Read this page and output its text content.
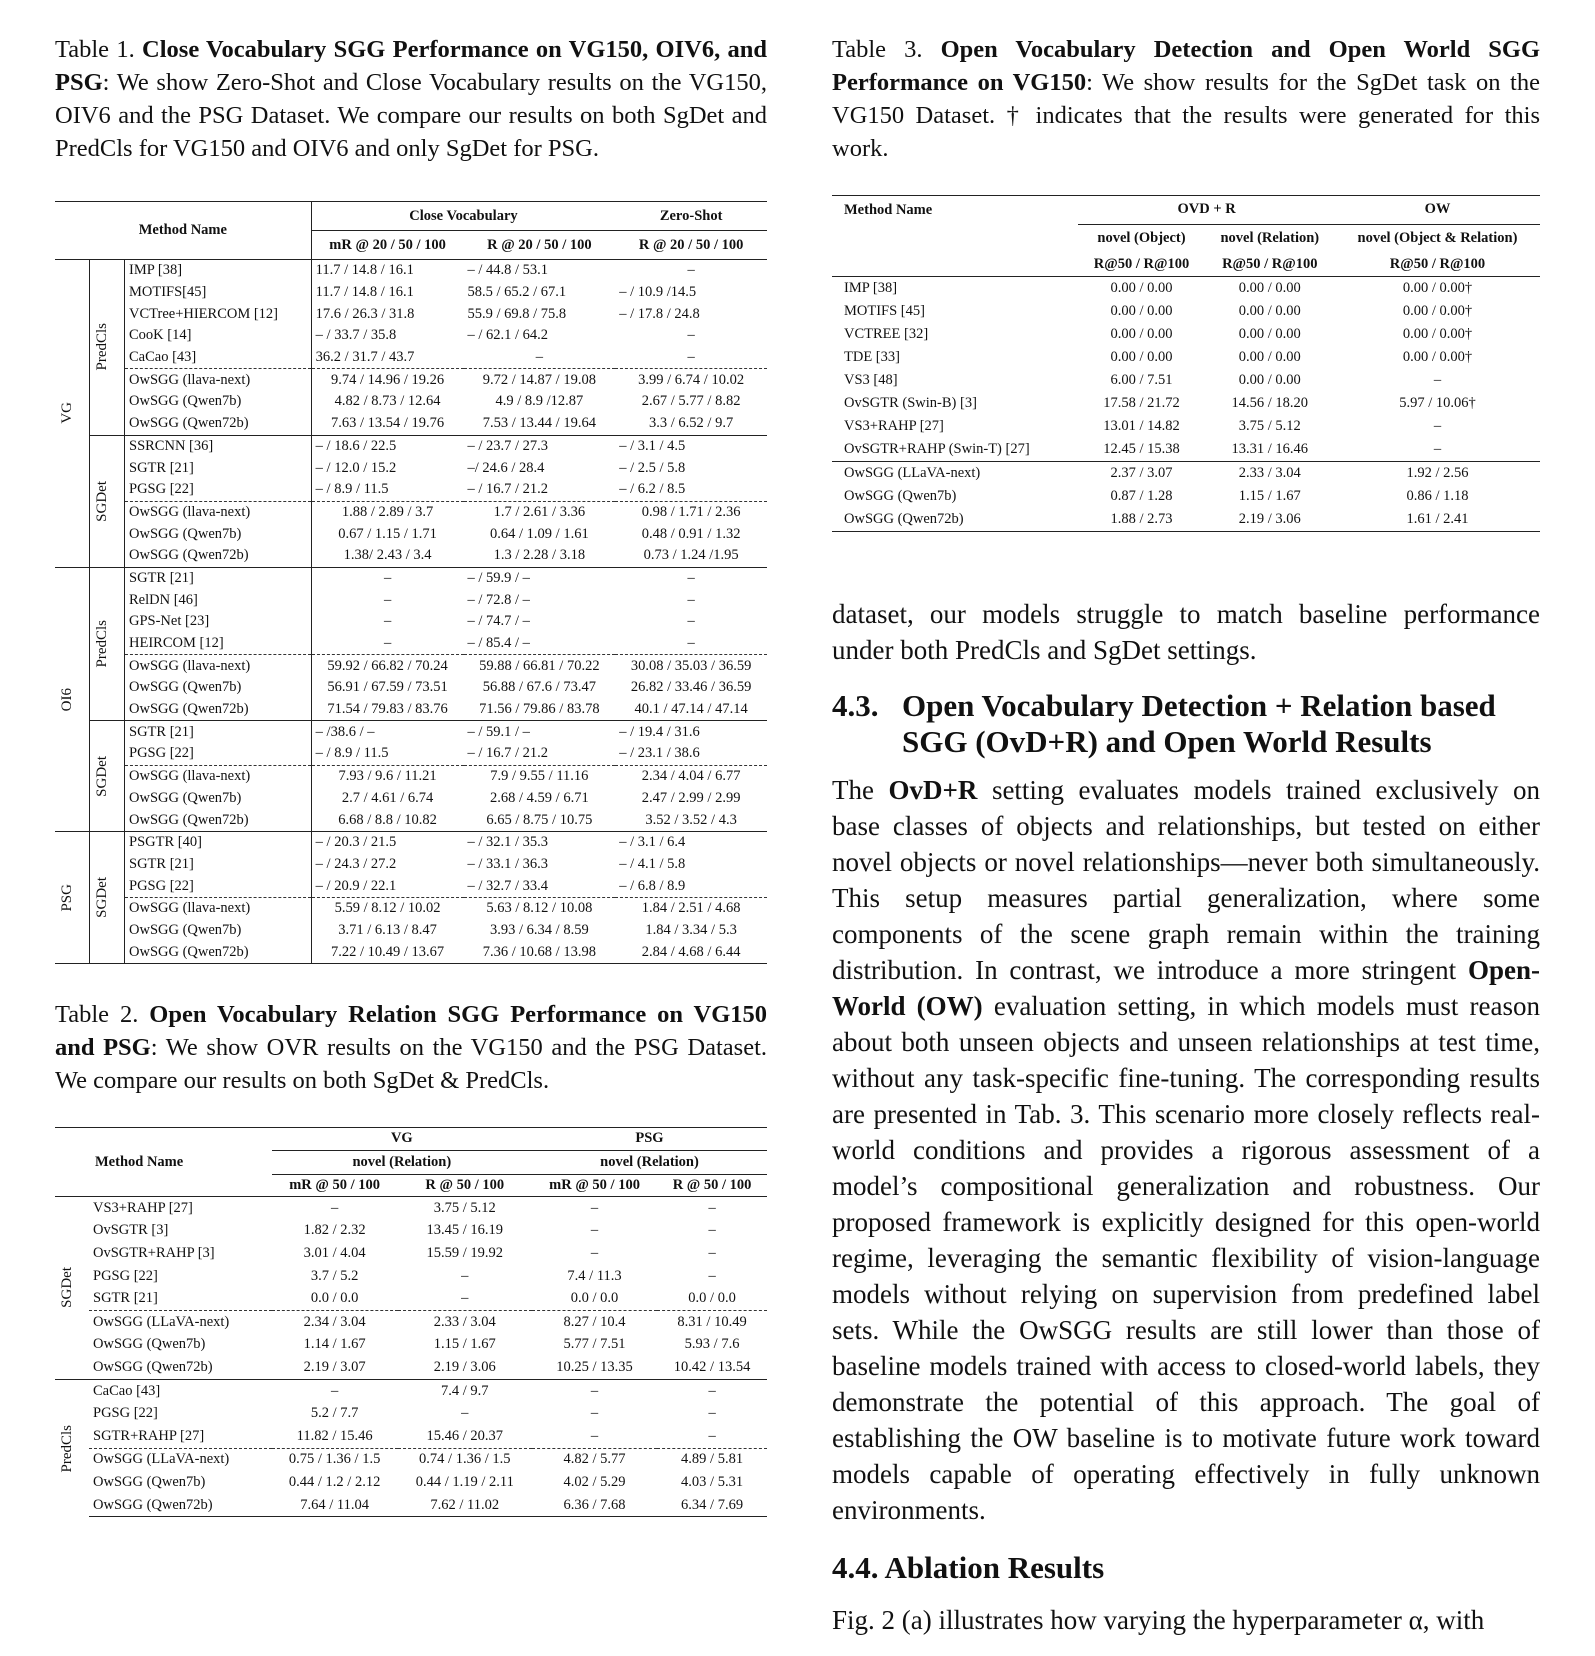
Table 1. Close Vocabulary SGG Performance on VG150, OIV6, and PSG: We show Zero-Shot and Close Vocabulary results on the VG150, OIV6 and the PSG Dataset. We compare our results on both SgDet and PredCls for VG150 and OIV6 and only SgDet for PSG.

Method Name			Close Vocabulary		Zero-Shot
			mR @ 20 / 50 / 100	R @ 20 / 50 / 100	R @ 20 / 50 / 100

VG	PredCls	IMP [38]	11.7 / 14.8 / 16.1	– / 44.8 / 53.1	–
		MOTIFS[45]	11.7 / 14.8 / 16.1	58.5 / 65.2 / 67.1	– / 10.9 /14.5
		VCTree+HIERCOM [12]	17.6 / 26.3 / 31.8	55.9 / 69.8 / 75.8	– / 17.8 / 24.8
		CooK [14]	– / 33.7 / 35.8	– / 62.1 / 64.2	–
		CaCao [43]	36.2 / 31.7 / 43.7	–	–
		OwSGG (llava-next)	9.74 / 14.96 / 19.26	9.72 / 14.87 / 19.08	3.99 / 6.74 / 10.02
		OwSGG (Qwen7b)	4.82 / 8.73 / 12.64	4.9 / 8.9 /12.87	2.67 / 5.77 / 8.82
		OwSGG (Qwen72b)	7.63 / 13.54 / 19.76	7.53 / 13.44 / 19.64	3.3 / 6.52 / 9.7

	SGDet	SSRCNN [36]	– / 18.6 / 22.5	– / 23.7 / 27.3	– / 3.1 / 4.5
		SGTR [21]	– / 12.0 / 15.2	–/ 24.6 / 28.4	– / 2.5 / 5.8
		PGSG [22]	– / 8.9 / 11.5	– / 16.7 / 21.2	– / 6.2 / 8.5
		OwSGG (llava-next)	1.88 / 2.89 / 3.7	1.7 / 2.61 / 3.36	0.98 / 1.71 / 2.36
		OwSGG (Qwen7b)	0.67 / 1.15 / 1.71	0.64 / 1.09 / 1.61	0.48 / 0.91 / 1.32
		OwSGG (Qwen72b)	1.38/ 2.43 / 3.4	1.3 / 2.28 / 3.18	0.73 / 1.24 /1.95

OI6	PredCls	SGTR [21]	–	– / 59.9 / –	–
		RelDN [46]	–	– / 72.8 / –	–
		GPS-Net [23]	–	– / 74.7 / –	–
		HEIRCOM [12]	–	– / 85.4 / –	–
		OwSGG (llava-next)	59.92 / 66.82 / 70.24	59.88 / 66.81 / 70.22	30.08 / 35.03 / 36.59
		OwSGG (Qwen7b)	56.91 / 67.59 / 73.51	56.88 / 67.6 / 73.47	26.82 / 33.46 / 36.59
		OwSGG (Qwen72b)	71.54 / 79.83 / 83.76	71.56 / 79.86 / 83.78	40.1 / 47.14 / 47.14

	SGDet	SGTR [21]	– /38.6 / –	– / 59.1 / –	– / 19.4 / 31.6
		PGSG [22]	– / 8.9 / 11.5	– / 16.7 / 21.2	– / 23.1 / 38.6
		OwSGG (llava-next)	7.93 / 9.6 / 11.21	7.9 / 9.55 / 11.16	2.34 / 4.04 / 6.77
		OwSGG (Qwen7b)	2.7 / 4.61 / 6.74	2.68 / 4.59 / 6.71	2.47 / 2.99 / 2.99
		OwSGG (Qwen72b)	6.68 / 8.8 / 10.82	6.65 / 8.75 / 10.75	3.52 / 3.52 / 4.3

PSG	SGDet	PSGTR [40]	– / 20.3 / 21.5	– / 32.1 / 35.3	– / 3.1 / 6.4
		SGTR [21]	– / 24.3 / 27.2	– / 33.1 / 36.3	– / 4.1 / 5.8
		PGSG [22]	– / 20.9 / 22.1	– / 32.7 / 33.4	– / 6.8 / 8.9
		OwSGG (llava-next)	5.59 / 8.12 / 10.02	5.63 / 8.12 / 10.08	1.84 / 2.51 / 4.68
		OwSGG (Qwen7b)	3.71 / 6.13 / 8.47	3.93 / 6.34 / 8.59	1.84 / 3.34 / 5.3
		OwSGG (Qwen72b)	7.22 / 10.49 / 13.67	7.36 / 10.68 / 13.98	2.84 / 4.68 / 6.44

Table 2. Open Vocabulary Relation SGG Performance on VG150 and PSG: We show OVR results on the VG150 and the PSG Dataset. We compare our results on both SgDet & PredCls.

		VG		PSG	
Method Name		novel (Relation)		novel (Relation)	
		mR @ 50 / 100	R @ 50 / 100	mR @ 50 / 100	R @ 50 / 100

SGDet	VS3+RAHP [27]	–	3.75 / 5.12	–	–
	OvSGTR [3]	1.82 / 2.32	13.45 / 16.19	–	–
	OvSGTR+RAHP [3]	3.01 / 4.04	15.59 / 19.92	–	–
	PGSG [22]	3.7 / 5.2	–	7.4 / 11.3	–
	SGTR [21]	0.0 / 0.0	–	0.0 / 0.0	0.0 / 0.0
	OwSGG (LLaVA-next)	2.34 / 3.04	2.33 / 3.04	8.27 / 10.4	8.31 / 10.49
	OwSGG (Qwen7b)	1.14 / 1.67	1.15 / 1.67	5.77 / 7.51	5.93 / 7.6
	OwSGG (Qwen72b)	2.19 / 3.07	2.19 / 3.06	10.25 / 13.35	10.42 / 13.54

PredCls	CaCao [43]	–	7.4 / 9.7	–	–
	PGSG [22]	5.2 / 7.7	–	–	–
	SGTR+RAHP [27]	11.82 / 15.46	15.46 / 20.37	–	–
	OwSGG (LLaVA-next)	0.75 / 1.36 / 1.5	0.74 / 1.36 / 1.5	4.82 / 5.77	4.89 / 5.81
	OwSGG (Qwen7b)	0.44 / 1.2 / 2.12	0.44 / 1.19 / 2.11	4.02 / 5.29	4.03 / 5.31
	OwSGG (Qwen72b)	7.64 / 11.04	7.62 / 11.02	6.36 / 7.68	6.34 / 7.69

Table 3. Open Vocabulary Detection and Open World SGG Performance on VG150: We show results for the SgDet task on the VG150 Dataset. † indicates that the results were generated for this work.

Method Name	OVD + R		OW
	novel (Object)	novel (Relation)	novel (Object & Relation)
	R@50 / R@100	R@50 / R@100	R@50 / R@100
IMP [38]	0.00 / 0.00	0.00 / 0.00	0.00 / 0.00†
MOTIFS [45]	0.00 / 0.00	0.00 / 0.00	0.00 / 0.00†
VCTREE [32]	0.00 / 0.00	0.00 / 0.00	0.00 / 0.00†
TDE [33]	0.00 / 0.00	0.00 / 0.00	0.00 / 0.00†
VS3 [48]	6.00 / 7.51	0.00 / 0.00	–
OvSGTR (Swin-B) [3]	17.58 / 21.72	14.56 / 18.20	5.97 / 10.06†
VS3+RAHP [27]	13.01 / 14.82	3.75 / 5.12	–
OvSGTR+RAHP (Swin-T) [27]	12.45 / 15.38	13.31 / 16.46	–
OwSGG (LLaVA-next)	2.37 / 3.07	2.33 / 3.04	1.92 / 2.56
OwSGG (Qwen7b)	0.87 / 1.28	1.15 / 1.67	0.86 / 1.18
OwSGG (Qwen72b)	1.88 / 2.73	2.19 / 3.06	1.61 / 2.41

dataset, our models struggle to match baseline performance under both PredCls and SgDet settings.

4.3. Open Vocabulary Detection + Relation based
SGG (OvD+R) and Open World Results

The OvD+R setting evaluates models trained exclusively on base classes of objects and relationships, but tested on either novel objects or novel relationships—never both simultaneously. This setup measures partial generalization, where some components of the scene graph remain within the training distribution. In contrast, we introduce a more stringent Open-World (OW) evaluation setting, in which models must reason about both unseen objects and unseen relationships at test time, without any task-specific fine-tuning. The corresponding results are presented in Tab. 3. This scenario more closely reflects real-world conditions and provides a rigorous assessment of a model’s compositional generalization and robustness. Our proposed framework is explicitly designed for this open-world regime, leveraging the semantic flexibility of vision-language models without relying on supervision from predefined label sets. While the OwSGG results are still lower than those of baseline models trained with access to closed-world labels, they demonstrate the potential of this approach. The goal of establishing the OW baseline is to motivate future work toward models capable of operating effectively in fully unknown environments.

4.4. Ablation Results

Fig. 2 (a) illustrates how varying the hyperparameter α, with
